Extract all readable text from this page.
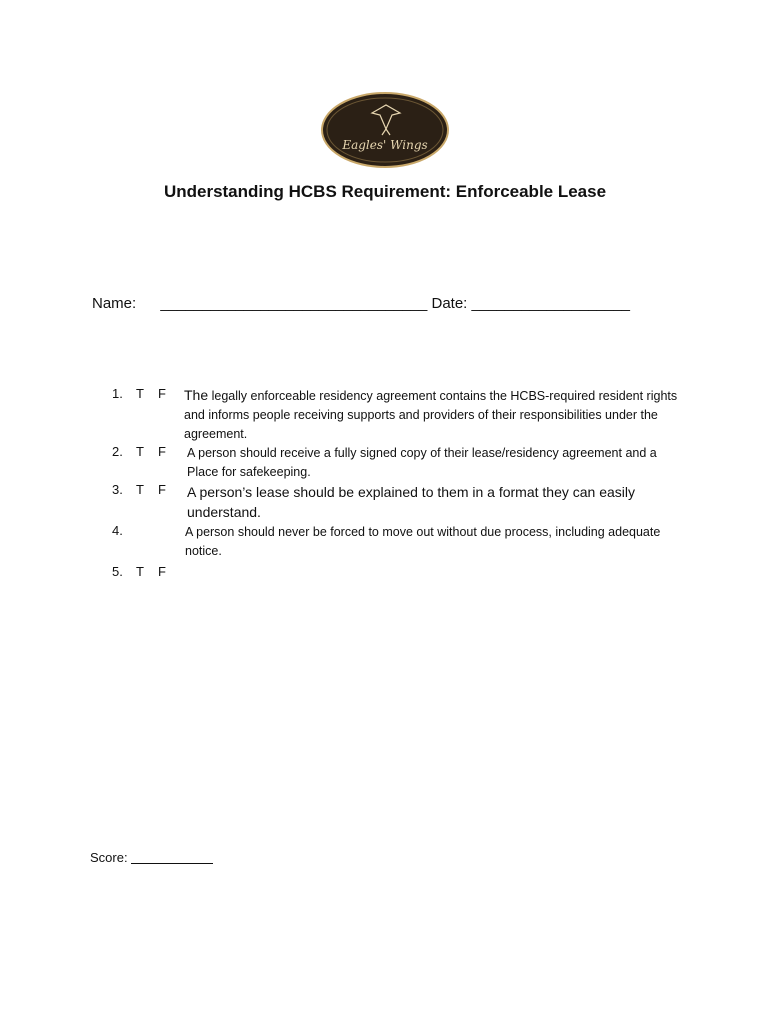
Eagles' Wings
Understanding HCBS Requirement: Enforceable Lease
Name: ________________________________ Date: ___________________
1. T F The legally enforceable residency agreement contains the HCBS-required resident rights and informs people receiving supports and providers of their responsibilities under the agreement.
2. T F A person should receive a fully signed copy of their lease/residency agreement and a Place for safekeeping.
3. T F A person’s lease should be explained to them in a format they can easily understand.
4.	A person should never be forced to move out without due process, including adequate notice.
5. T F
Score:
